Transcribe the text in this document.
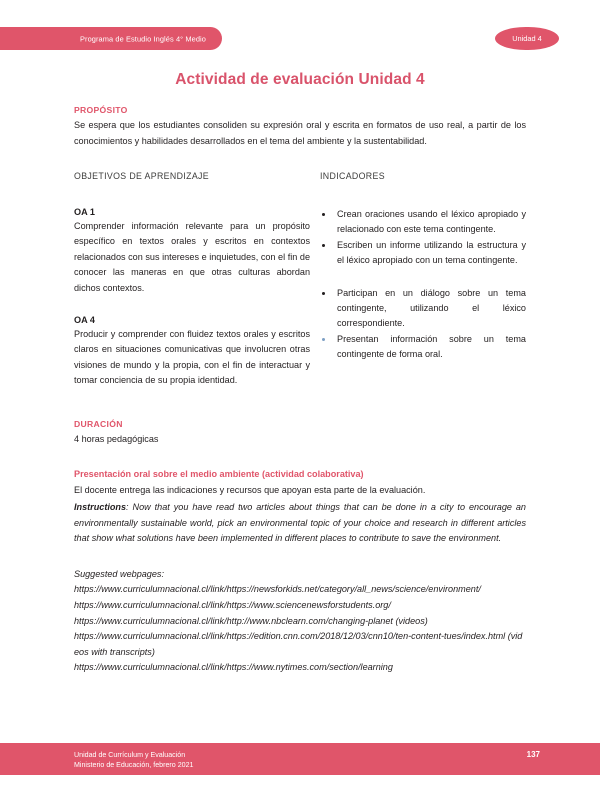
Programa de Estudio Inglés 4° Medio	Unidad 4
Actividad de evaluación Unidad 4
PROPÓSITO

Se espera que los estudiantes consoliden su expresión oral y escrita en formatos de uso real, a partir de los conocimientos y habilidades desarrollados en el tema del ambiente y la sustentabilidad.

OBJETIVOS DE APRENDIZAJE

OA 1

Comprender información relevante para un propósito específico en textos orales y escritos en contextos relacionados con sus intereses e inquietudes, con el fin de conocer las maneras en que otras culturas abordan dichos contextos.

OA 4

Producir y comprender con fluidez textos orales y escritos claros en situaciones comunicativas que involucren otras visiones de mundo y la propia, con el fin de interactuar y tomar conciencia de su propia identidad.

INDICADORES
Crean oraciones usando el léxico apropiado y relacionado con este tema contingente.
Escriben un informe utilizando la estructura y el léxico apropiado con un tema contingente.
Participan en un diálogo sobre un tema contingente, utilizando el léxico correspondiente.
Presentan información sobre un tema contingente de forma oral.
DURACIÓN

4 horas pedagógicas

Presentación oral sobre el medio ambiente (actividad colaborativa)

El docente entrega las indicaciones y recursos que apoyan esta parte de la evaluación.

Instructions: Now that you have read two articles about things that can be done in a city to encourage an environmentally sustainable world, pick an environmental topic of your choice and research in different articles that show what solutions have been implemented in different places to contribute to save the environment.

Suggested webpages:

https://www.curriculumnacional.cl/link/https://newsforkids.net/category/all_news/science/environment/

https://www.curriculumnacional.cl/link/https://www.sciencenewsforstudents.org/

https://www.curriculumnacional.cl/link/http://www.nbclearn.com/changing-planet (videos)

https://www.curriculumnacional.cl/link/https://edition.cnn.com/2018/12/03/cnn10/ten-content-tues/index.html (videos with transcripts)

https://www.curriculumnacional.cl/link/https://www.nytimes.com/section/learning

Unidad de Currículum y Evaluación
Ministerio de Educación, febrero 2021
137
